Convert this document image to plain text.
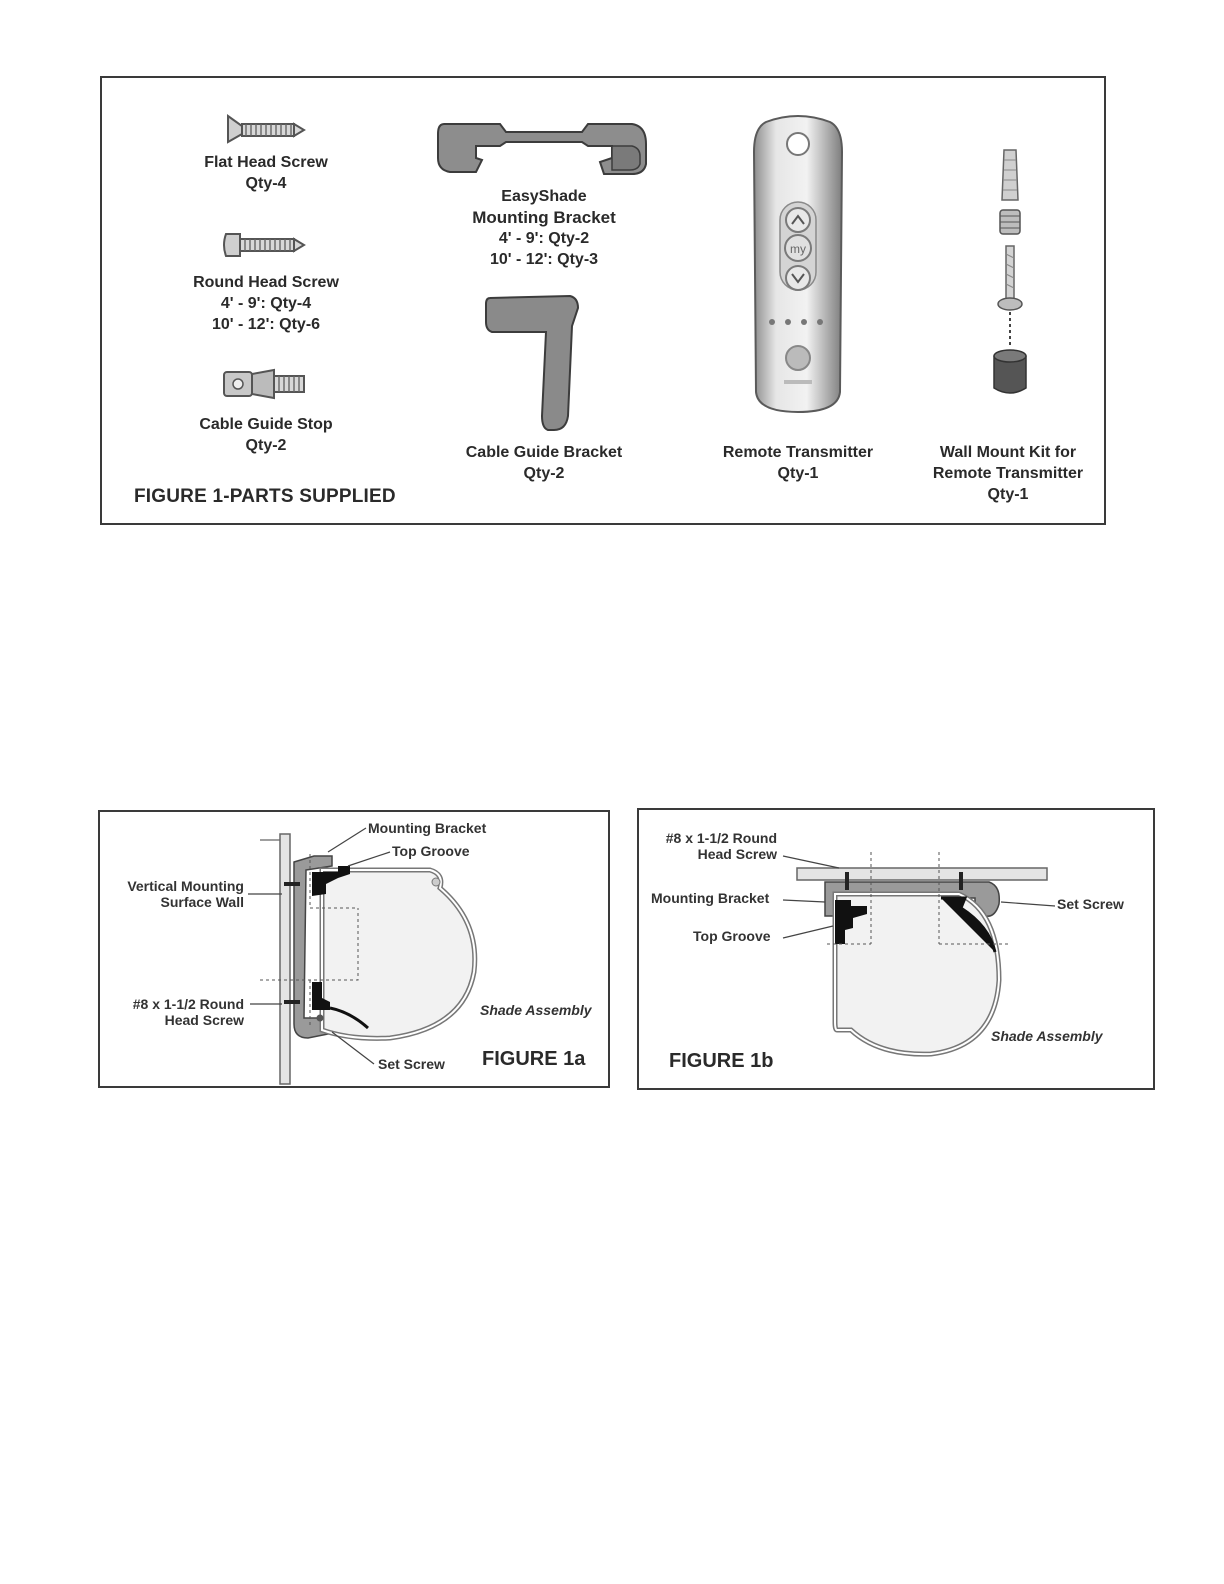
Flat Head Screw
Qty-4
Round Head Screw
4' - 9': Qty-4
10' - 12': Qty-6
Cable Guide Stop
Qty-2
EasyShade
Mounting Bracket
4' - 9': Qty-2
10' - 12': Qty-3
Cable Guide Bracket
Qty-2
my
Remote Transmitter
Qty-1
Wall Mount Kit for
Remote Transmitter
Qty-1
FIGURE 1-PARTS SUPPLIED
Mounting Bracket
Top Groove
Vertical Mounting
Surface Wall
#8 x 1-1/2 Round
Head Screw
Shade Assembly
Set Screw FIGURE 1a
#8 x 1-1/2 Round
Head Screw
Mounting Bracket
Top Groove
Set Screw
Shade Assembly
FIGURE 1b
